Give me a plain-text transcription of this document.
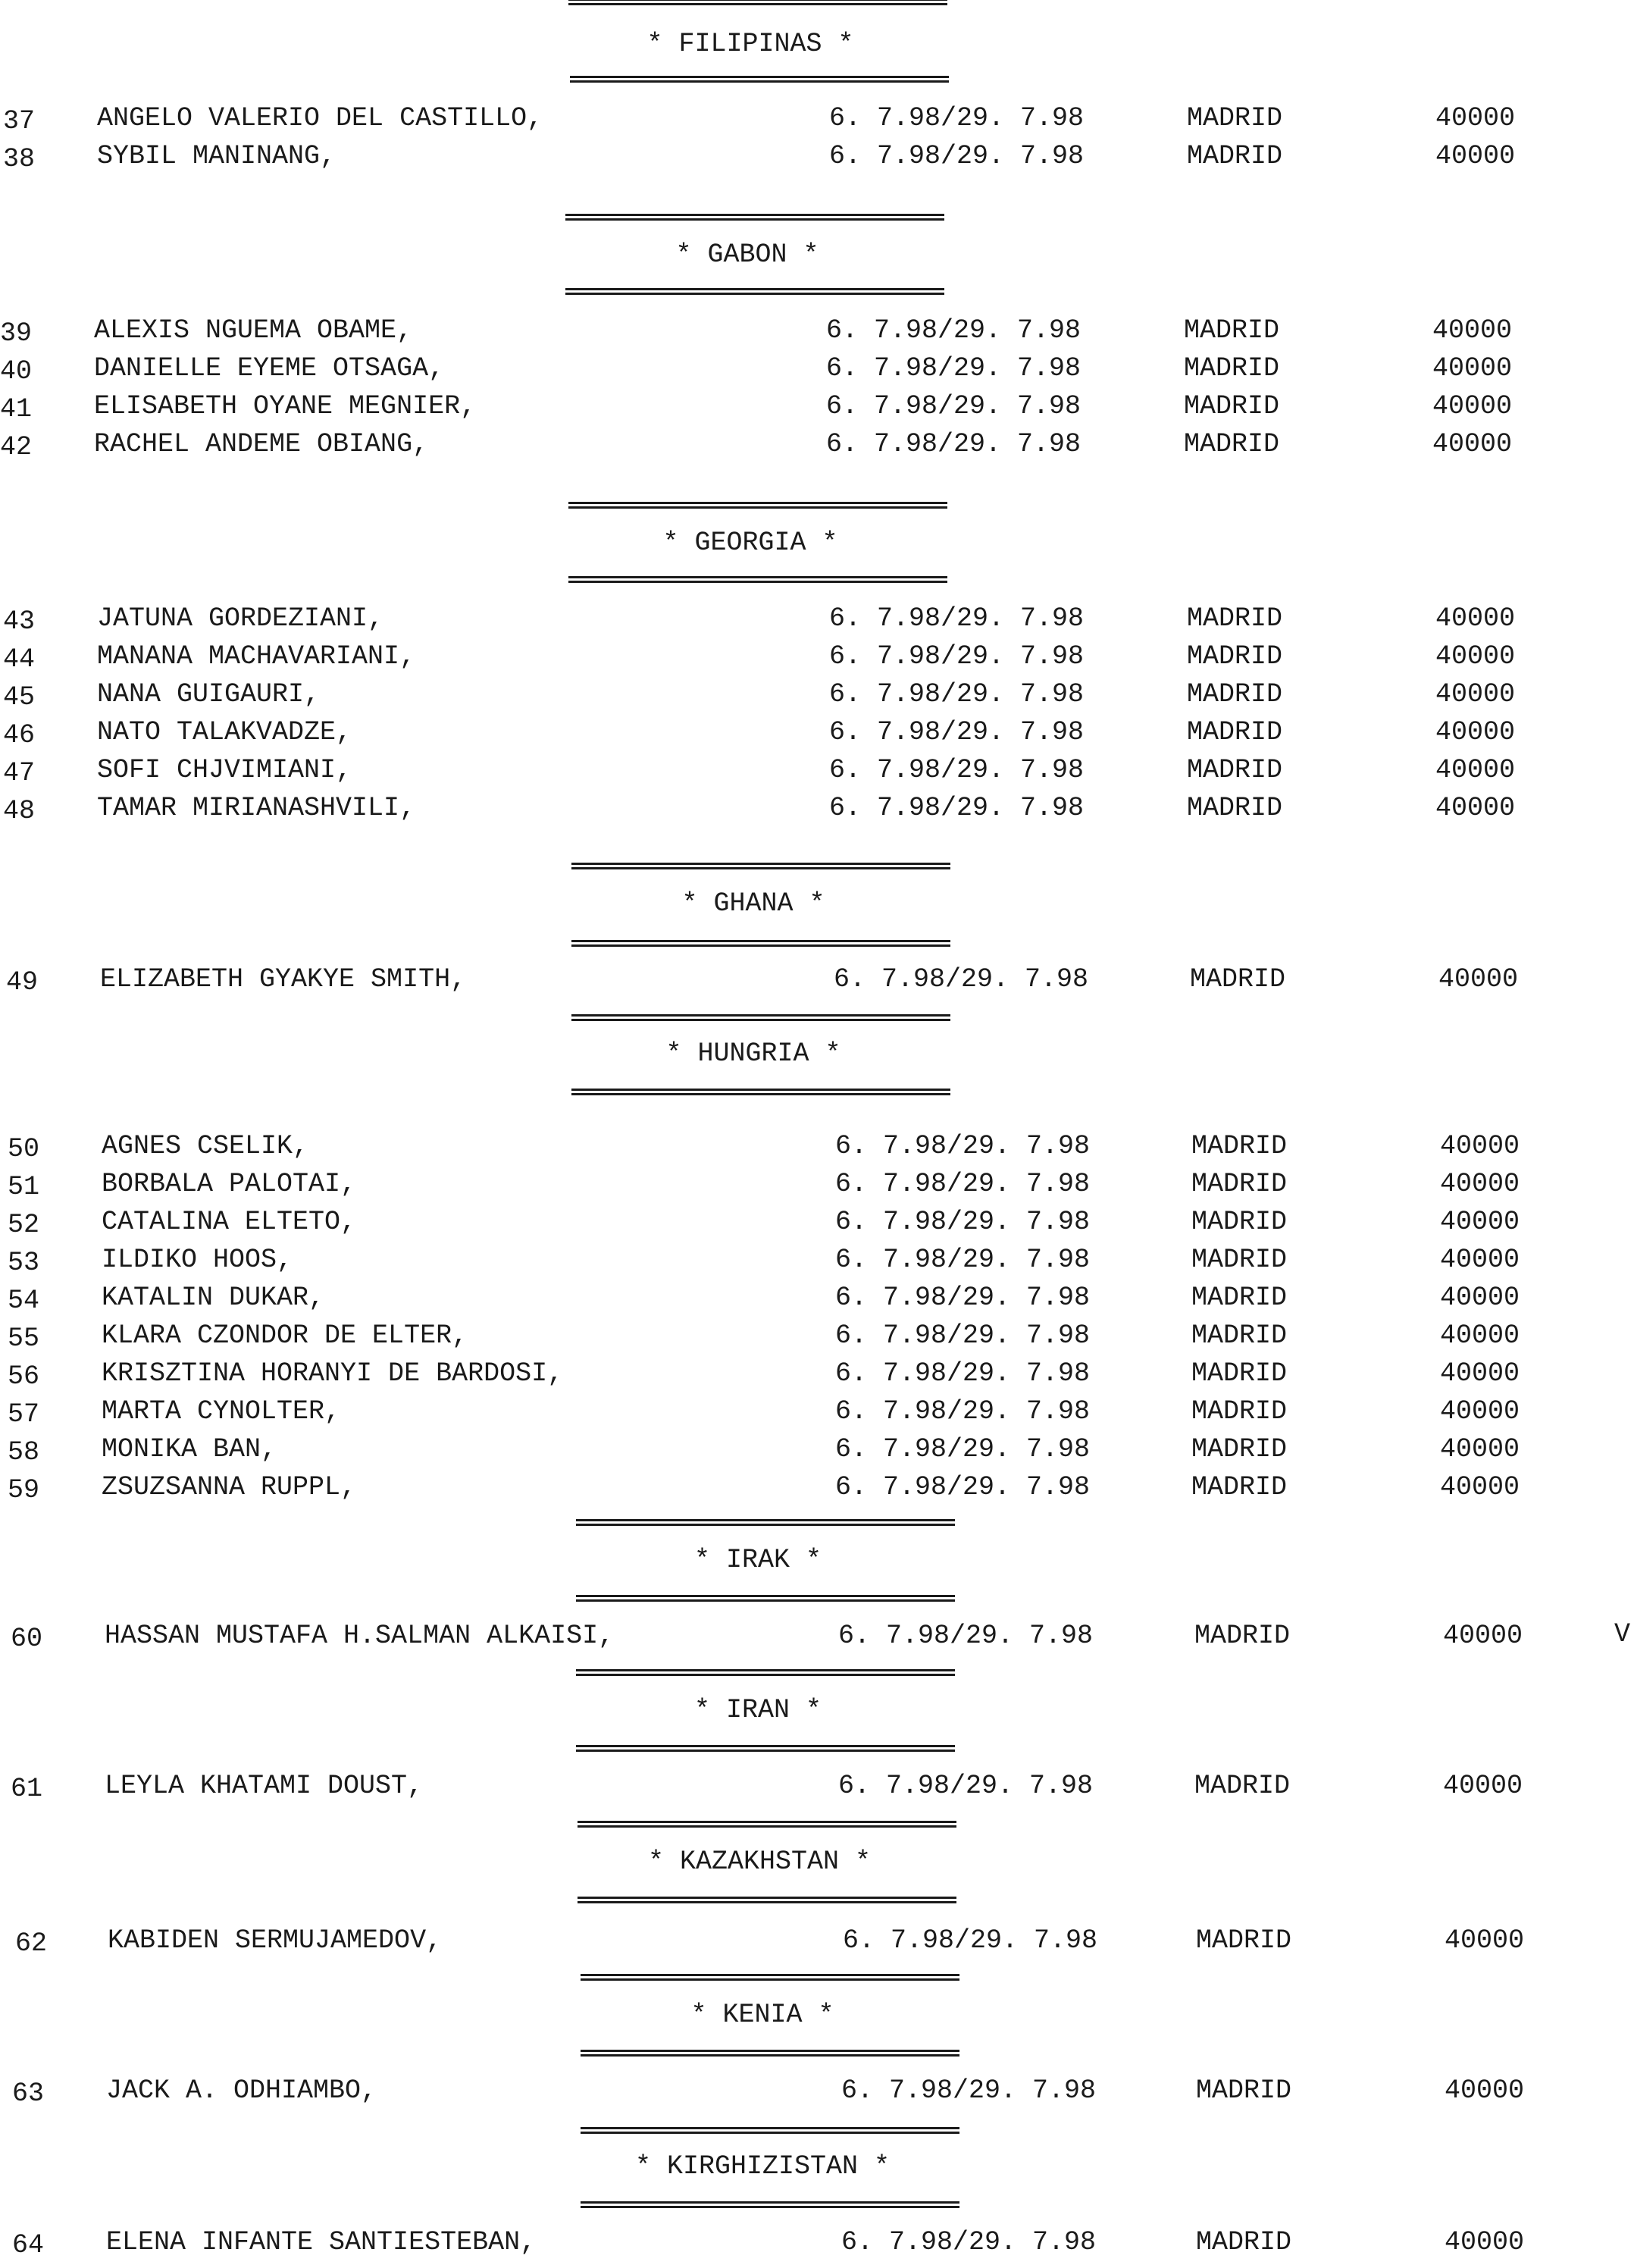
* FILIPINAS *
37 ANGELO VALERIO DEL CASTILLO,	6. 7.98/29. 7.98	MADRID	40000
38 SYBIL MANINANG,	6. 7.98/29. 7.98	MADRID	40000
* GABON *
39 ALEXIS NGUEMA OBAME,	6. 7.98/29. 7.98	MADRID	40000
40 DANIELLE EYEME OTSAGA,	6. 7.98/29. 7.98	MADRID	40000
41 ELISABETH OYANE MEGNIER,	6. 7.98/29. 7.98	MADRID	40000
42 RACHEL ANDEME OBIANG,	6. 7.98/29. 7.98	MADRID	40000
* GEORGIA *
43 JATUNA GORDEZIANI,	6. 7.98/29. 7.98	MADRID	40000
44 MANANA MACHAVARIANI,	6. 7.98/29. 7.98	MADRID	40000
45 NANA GUIGAURI,	6. 7.98/29. 7.98	MADRID	40000
46 NATO TALAKVADZE,	6. 7.98/29. 7.98	MADRID	40000
47 SOFI CHJVIMIANI,	6. 7.98/29. 7.98	MADRID	40000
48 TAMAR MIRIANASHVILI,	6. 7.98/29. 7.98	MADRID	40000
* GHANA *
49 ELIZABETH GYAKYE SMITH,	6. 7.98/29. 7.98	MADRID	40000
* HUNGRIA *
50 AGNES CSELIK,	6. 7.98/29. 7.98	MADRID	40000
51 BORBALA PALOTAI,	6. 7.98/29. 7.98	MADRID	40000
52 CATALINA ELTETO,	6. 7.98/29. 7.98	MADRID	40000
53 ILDIKO HOOS,	6. 7.98/29. 7.98	MADRID	40000
54 KATALIN DUKAR,	6. 7.98/29. 7.98	MADRID	40000
55 KLARA CZONDOR DE ELTER,	6. 7.98/29. 7.98	MADRID	40000
56 KRISZTINA HORANYI DE BARDOSI,	6. 7.98/29. 7.98	MADRID	40000
57 MARTA CYNOLTER,	6. 7.98/29. 7.98	MADRID	40000
58 MONIKA BAN,	6. 7.98/29. 7.98	MADRID	40000
59 ZSUZSANNA RUPPL,	6. 7.98/29. 7.98	MADRID	40000
* IRAK *
60 HASSAN MUSTAFA H.SALMAN ALKAISI,	6. 7.98/29. 7.98	MADRID	40000	V
* IRAN *
61 LEYLA KHATAMI DOUST,	6. 7.98/29. 7.98	MADRID	40000
* KAZAKHSTAN *
62 KABIDEN SERMUJAMEDOV,	6. 7.98/29. 7.98	MADRID	40000
* KENIA *
63 JACK A. ODHIAMBO,	6. 7.98/29. 7.98	MADRID	40000
* KIRGHIZISTAN *
64 ELENA INFANTE SANTIESTEBAN,	6. 7.98/29. 7.98	MADRID	40000
